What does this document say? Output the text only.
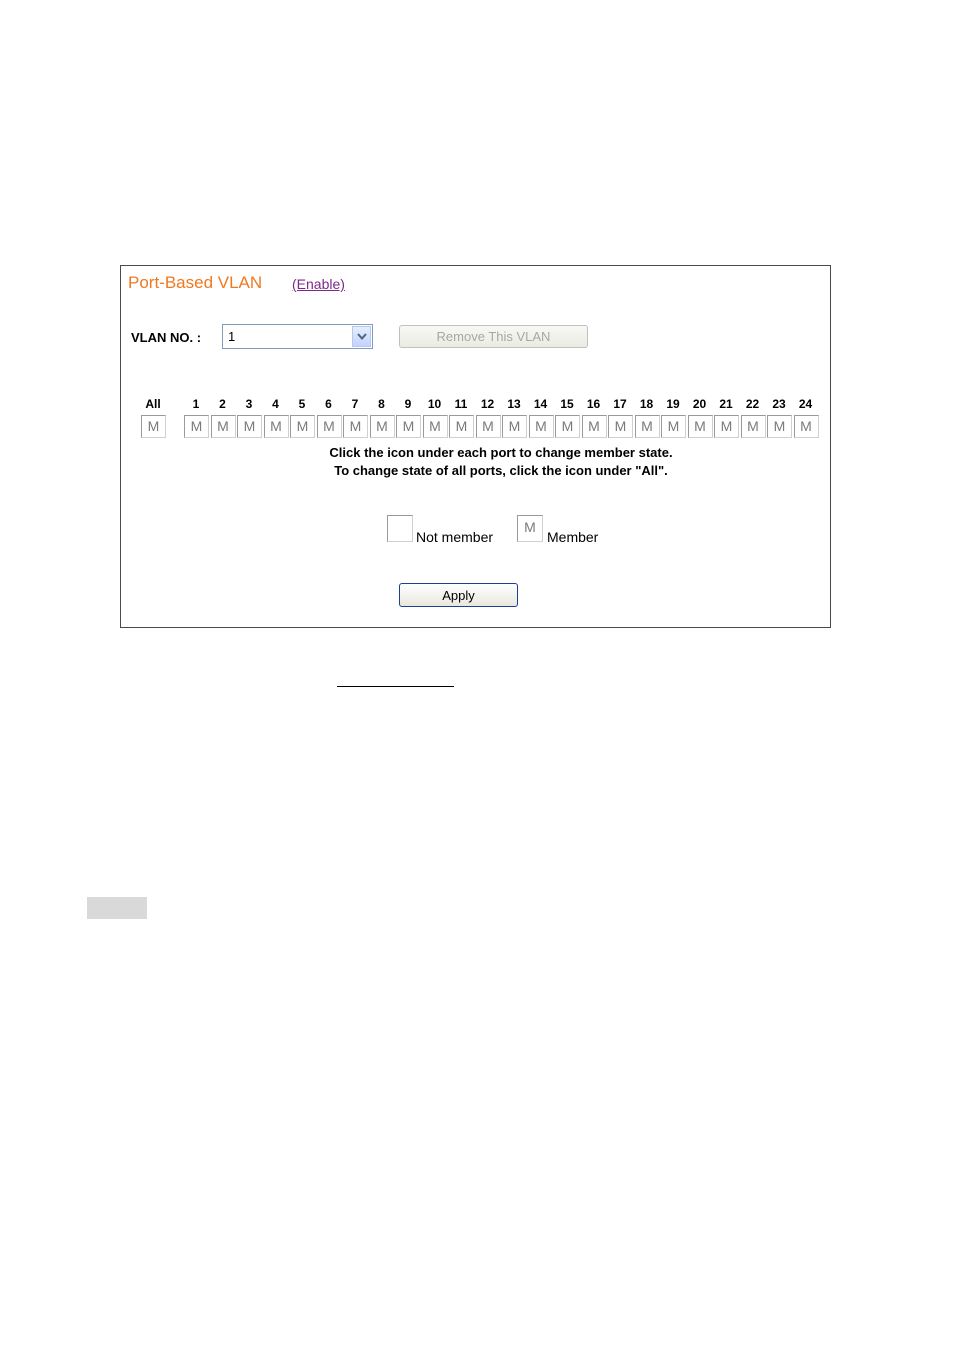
Port-Based VLAN (Enable)
VLAN NO. : 1	Remove This VLAN
All
M
1
M
2
M
3
M
4
M
5
M
6
M
7
M
8
M
9
M
10
M
11
M
12
M
13
M
14
M
15
M
16
M
17
M
18
M
19
M
20
M
21
M
22
M
23
M
24
M
Click the icon under each port to change member state.
To change state of all ports, click the icon under "All".
Not member
M
Member
Apply
